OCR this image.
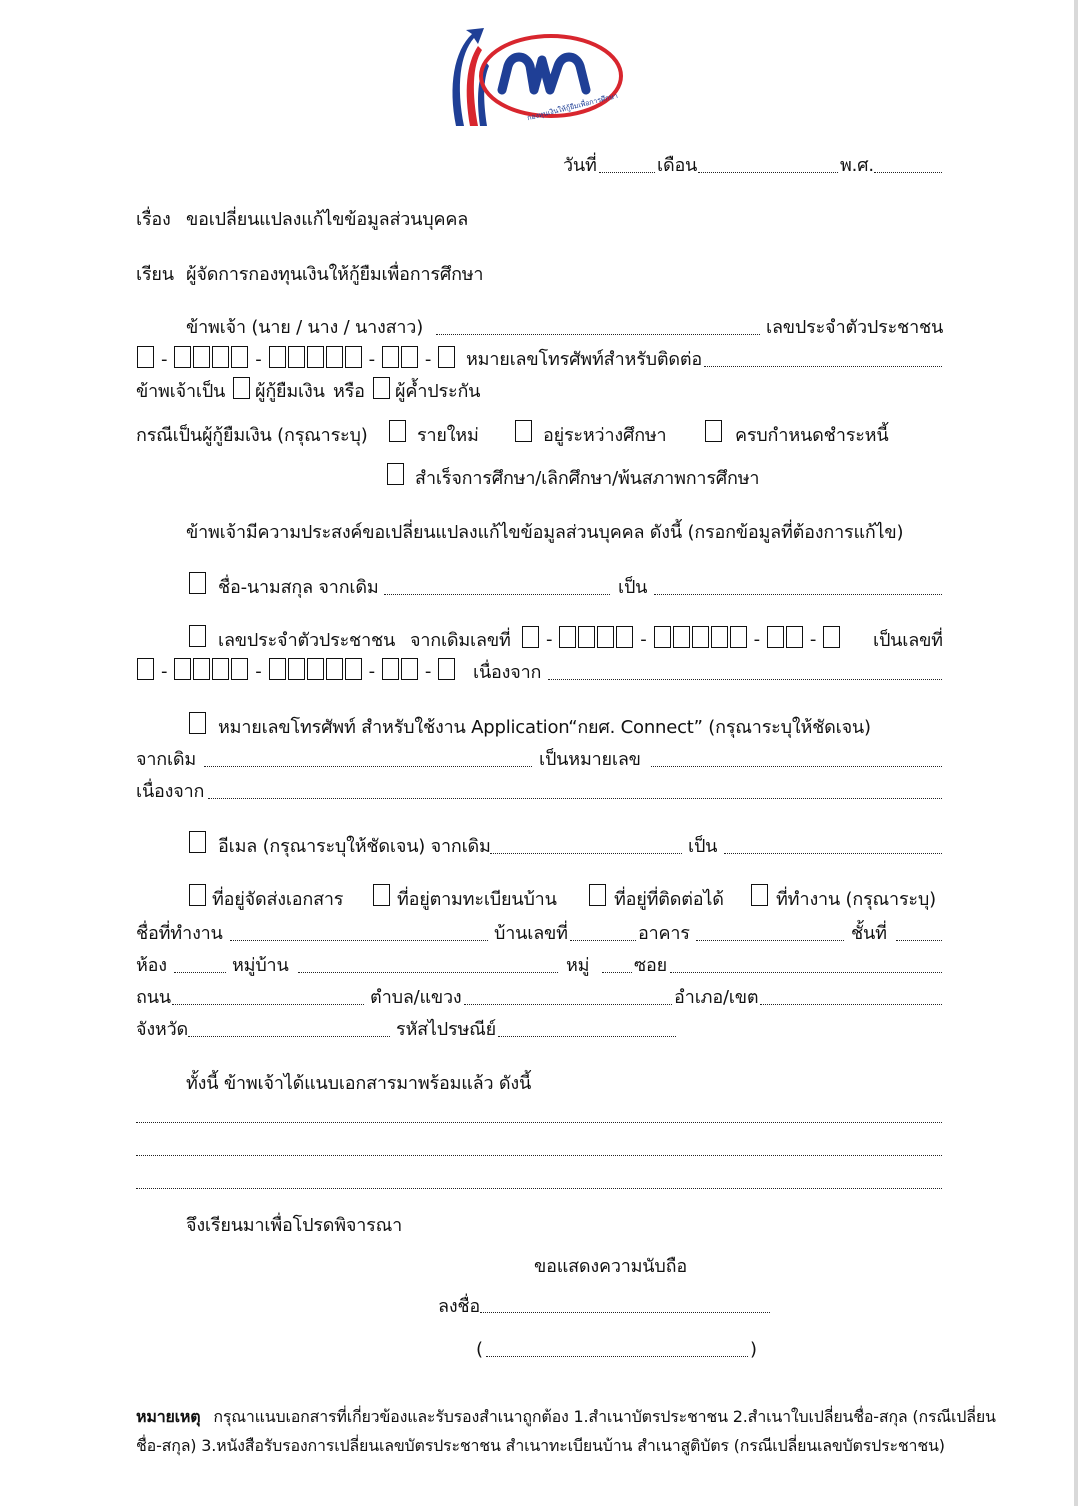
กองทุนเงินให้กู้ยืมเพื่อการศึกษา
วันที่	เดือน	พ.ศ.
เรื่อง ขอเปลี่ยนแปลงแก้ไขข้อมูลส่วนบุคคล
เรียน ผู้จัดการกองทุนเงินให้กู้ยืมเพื่อการศึกษา
ข้าพเจ้า (นาย / นาง / นางสาว)	เลขประจำตัวประชาชน
-	-	-	-	หมายเลขโทรศัพท์สำหรับติดต่อ
ข้าพเจ้าเป็น ผู้กู้ยืมเงิน หรือ ผู้ค้ำประกัน
กรณีเป็นผู้กู้ยืมเงิน (กรุณาระบุ)	รายใหม่	อยู่ระหว่างศึกษา	ครบกำหนดชำระหนี้
สำเร็จการศึกษา/เลิกศึกษา/พ้นสภาพการศึกษา
ข้าพเจ้ามีความประสงค์ขอเปลี่ยนแปลงแก้ไขข้อมูลส่วนบุคคล ดังนี้ (กรอกข้อมูลที่ต้องการแก้ไข)
ชื่อ-นามสกุล จากเดิม	เป็น
เลขประจำตัวประชาชน จากเดิมเลขที่	-	-	-	-	เป็นเลขที่
-	-	-	-	เนื่องจาก
หมายเลขโทรศัพท์ สำหรับใช้งาน Application“กยศ. Connect” (กรุณาระบุให้ชัดเจน)
จากเดิม	เป็นหมายเลข
เนื่องจาก
อีเมล (กรุณาระบุให้ชัดเจน) จากเดิม	เป็น
ที่อยู่จัดส่งเอกสาร	ที่อยู่ตามทะเบียนบ้าน	ที่อยู่ที่ติดต่อได้	ที่ทำงาน (กรุณาระบุ)
ชื่อที่ทำงาน	บ้านเลขที่	อาคาร	ชั้นที่
ห้อง	หมู่บ้าน	หมู่ ซอย
ถนน	ตำบล/แขวง	อำเภอ/เขต
จังหวัด	รหัสไปรษณีย์
ทั้งนี้ ข้าพเจ้าได้แนบเอกสารมาพร้อมแล้ว ดังนี้
จึงเรียนมาเพื่อโปรดพิจารณา
ขอแสดงความนับถือ
ลงชื่อ
(	)
หมายเหตุ กรุณาแนบเอกสารที่เกี่ยวข้องและรับรองสำเนาถูกต้อง 1.สำเนาบัตรประชาชน 2.สำเนาใบเปลี่ยนชื่อ-สกุล (กรณีเปลี่ยน
ชื่อ-สกุล) 3.หนังสือรับรองการเปลี่ยนเลขบัตรประชาชน สำเนาทะเบียนบ้าน สำเนาสูติบัตร (กรณีเปลี่ยนเลขบัตรประชาชน)
